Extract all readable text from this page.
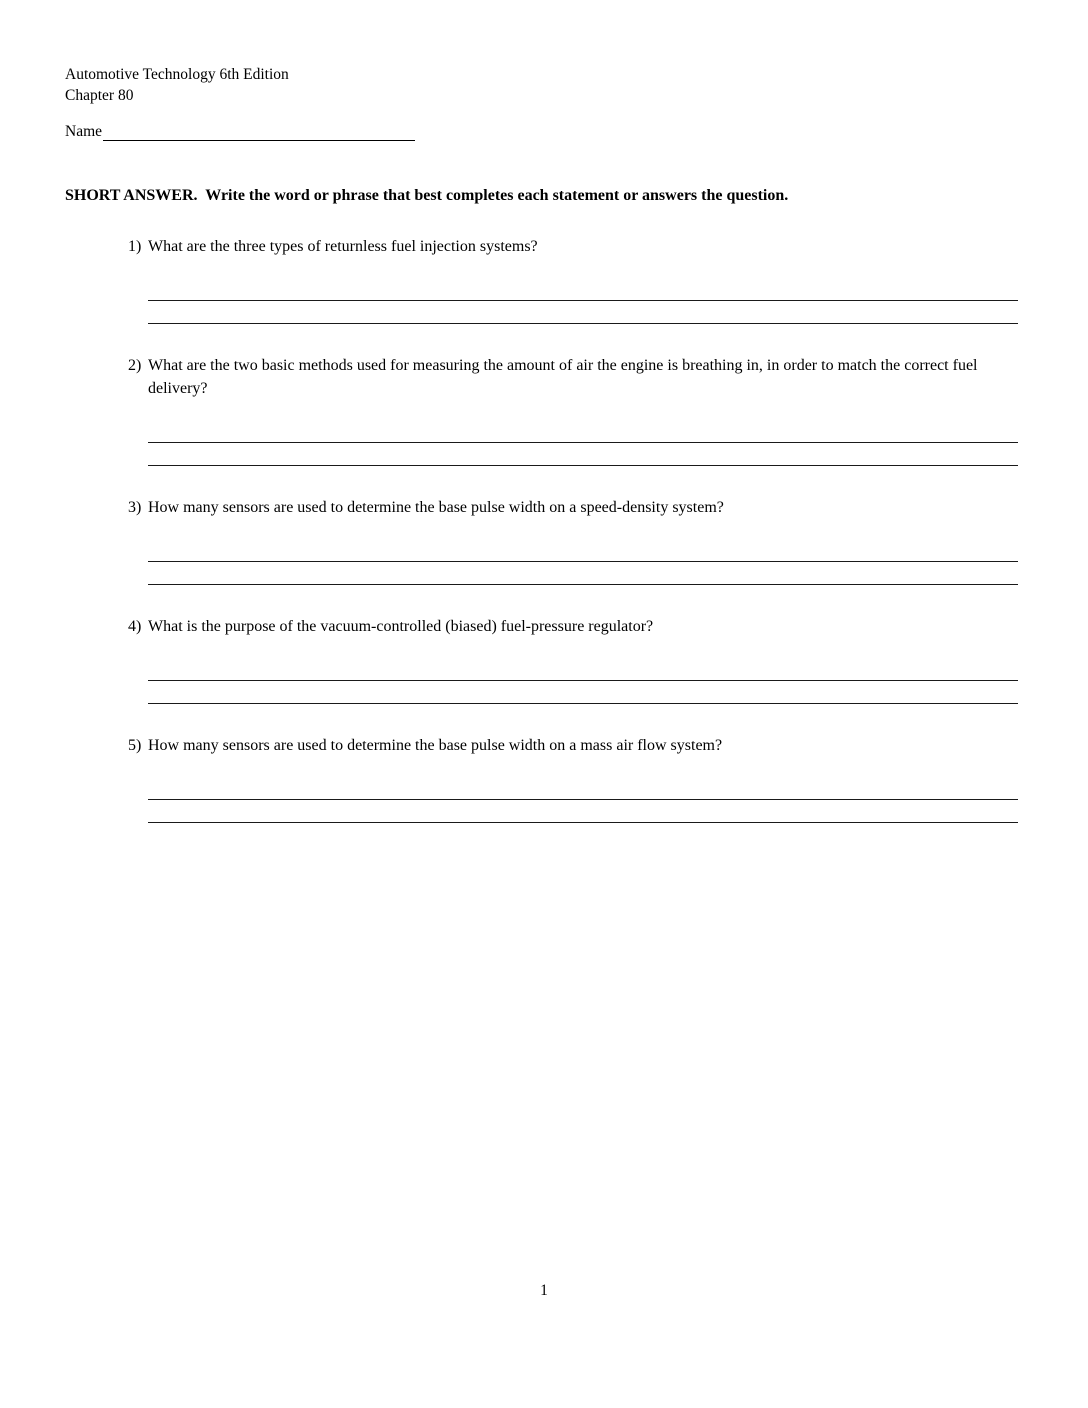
Automotive Technology 6th Edition
Chapter 80
Name
SHORT ANSWER.  Write the word or phrase that best completes each statement or answers the question.
1) What are the three types of returnless fuel injection systems?
2) What are the two basic methods used for measuring the amount of air the engine is breathing in, in order to match the correct fuel delivery?
3) How many sensors are used to determine the base pulse width on a speed-density system?
4) What is the purpose of the vacuum-controlled (biased) fuel-pressure regulator?
5) How many sensors are used to determine the base pulse width on a mass air flow system?
1
